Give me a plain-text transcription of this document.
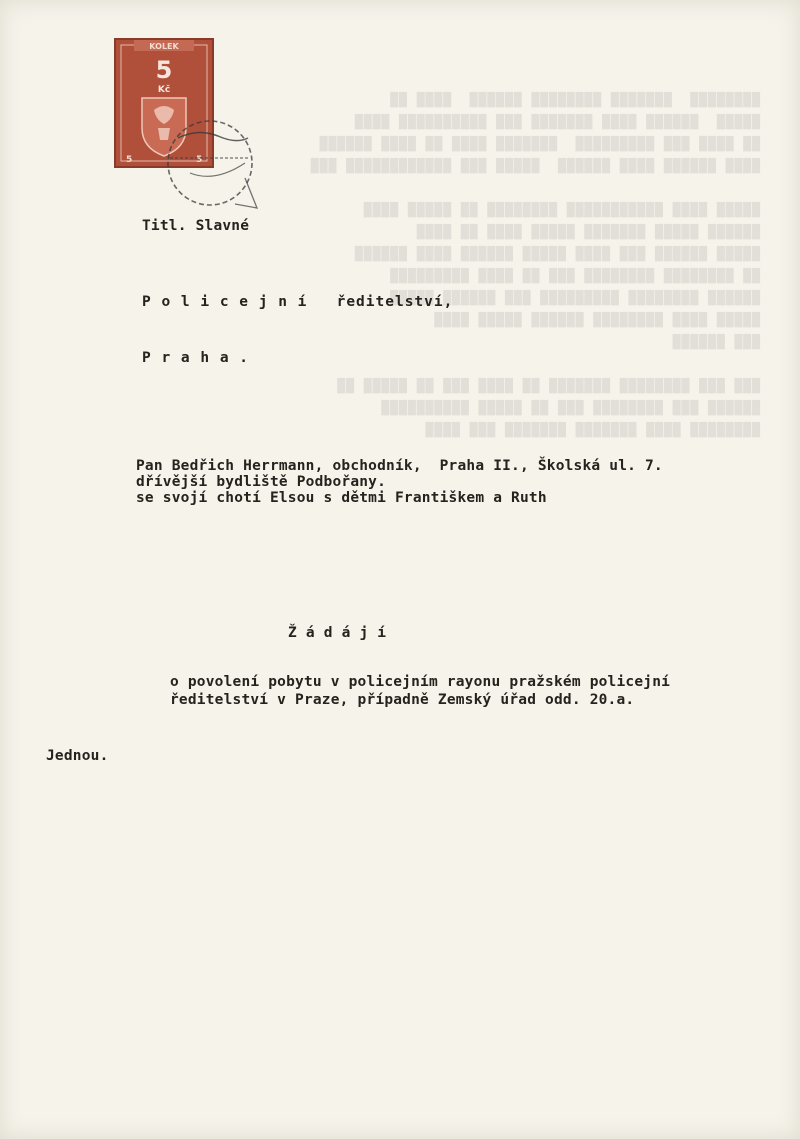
████████  ███████ ████████ ██████  ████ ██
█████  ██████ ████ ███████ ███ ██████████ ████
██ ████ ███ █████████  ███████ ████ ██ ████ ██████
████ ██████ ████ ██████  █████ ███ ████████████ ███

█████ ████ ███████████ ████████ ██ █████ ████
██████ █████ ███████ █████ ████ ██ ████
█████ ██████ ███ ████ █████ ██████ ████ ██████
██ ████████ ████████ ███ ██ ████ █████████
██████ ████████ █████████ ███ ██████ █████
█████ ████ ████████ ██████ █████ ████
███ ██████

███ ███ ████████ ███████ ██ ████ ███ ██ █████ ██
██████ ███ ████████ ███ ██ █████ ██████████
████████ ████ ███████ ███████ ███ ████
KOLEK
5
Kč
5	5
Titl. Slavné
P o l i c e j n í   ředitelství,
P r a h a .
Pan Bedřich Herrmann, obchodník,  Praha II., Školská ul. 7.
dřívější bydliště Podbořany.
se svojí chotí Elsou s dětmi Františkem a Ruth
Ž á d á j í
o povolení pobytu v policejním rayonu pražském policejní
ředitelství v Praze, případně Zemský úřad odd. 20.a.
Jednou.
